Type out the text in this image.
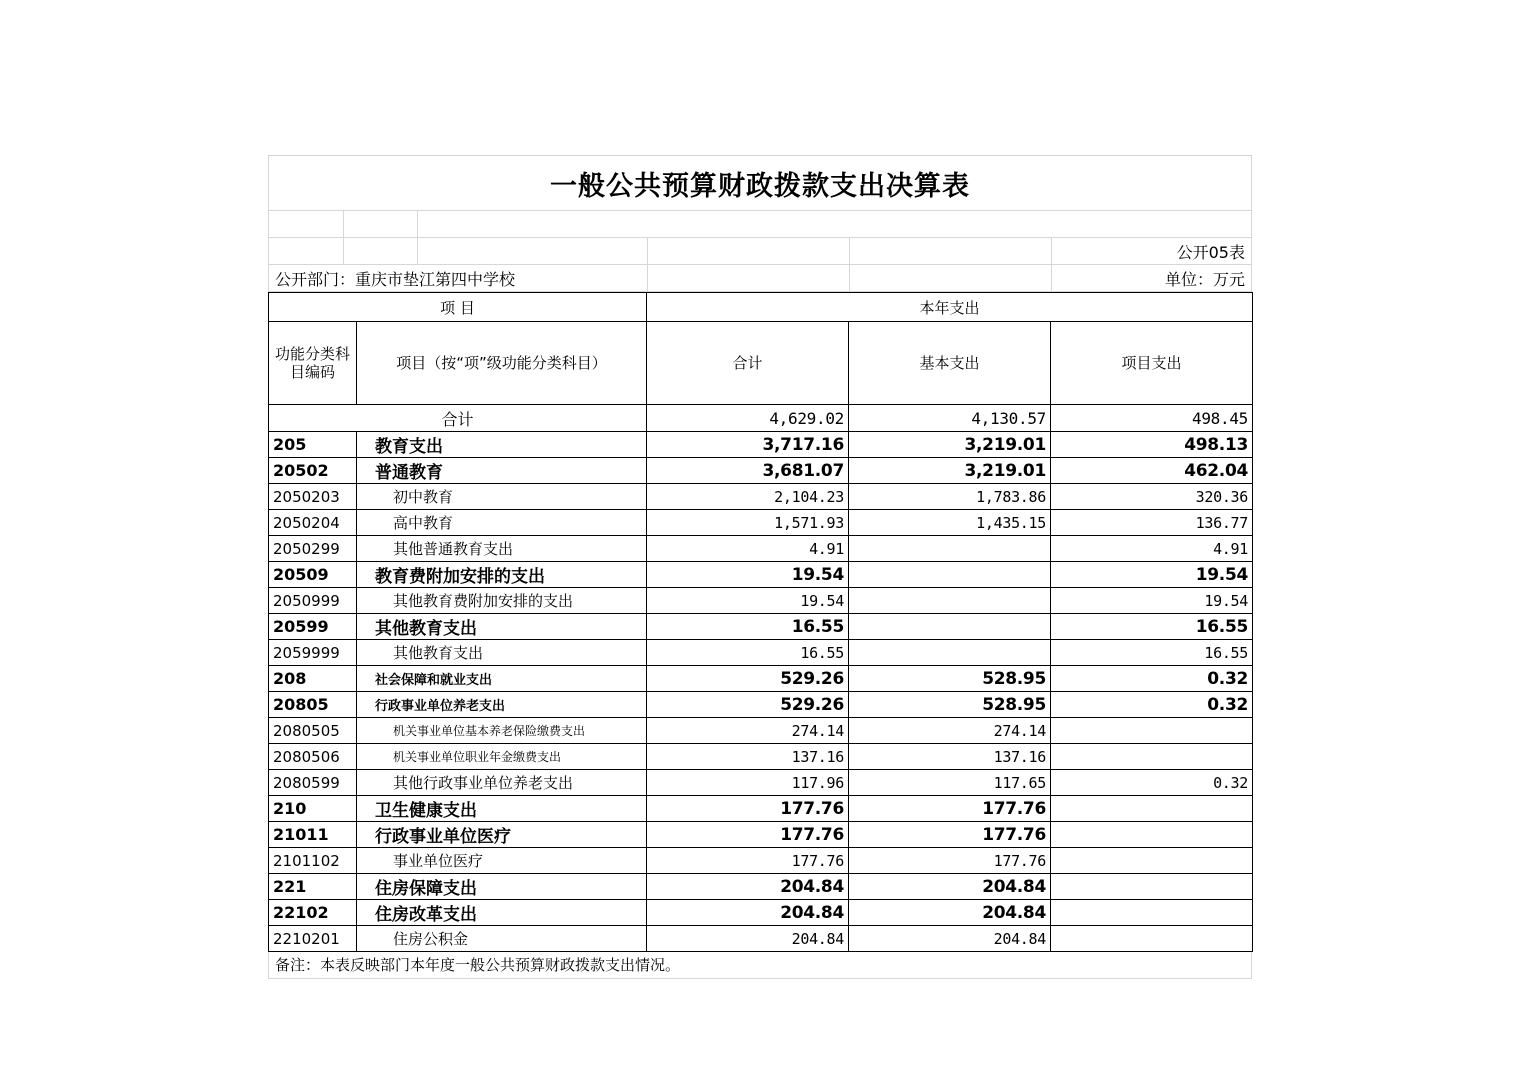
一般公共预算财政拨款支出决算表
公开05表
公开部门：重庆市垫江第四中学校	单位：万元
项 目		本年支出		
功能分类科目编码	项目（按“项”级功能分类科目）	合计	基本支出	项目支出
合计		4,629.02	4,130.57	498.45
205	教育支出	3,717.16	3,219.01	498.13
20502	普通教育	3,681.07	3,219.01	462.04
2050203	初中教育	2,104.23	1,783.86	320.36
2050204	高中教育	1,571.93	1,435.15	136.77
2050299	其他普通教育支出	4.91		4.91
20509	教育费附加安排的支出	19.54		19.54
2050999	其他教育费附加安排的支出	19.54		19.54
20599	其他教育支出	16.55		16.55
2059999	其他教育支出	16.55		16.55
208	社会保障和就业支出	529.26	528.95	0.32
20805	行政事业单位养老支出	529.26	528.95	0.32
2080505	机关事业单位基本养老保险缴费支出	274.14	274.14	
2080506	机关事业单位职业年金缴费支出	137.16	137.16	
2080599	其他行政事业单位养老支出	117.96	117.65	0.32
210	卫生健康支出	177.76	177.76	
21011	行政事业单位医疗	177.76	177.76	
2101102	事业单位医疗	177.76	177.76	
221	住房保障支出	204.84	204.84	
22102	住房改革支出	204.84	204.84	
2210201	住房公积金	204.84	204.84	
备注：本表反映部门本年度一般公共预算财政拨款支出情况。
